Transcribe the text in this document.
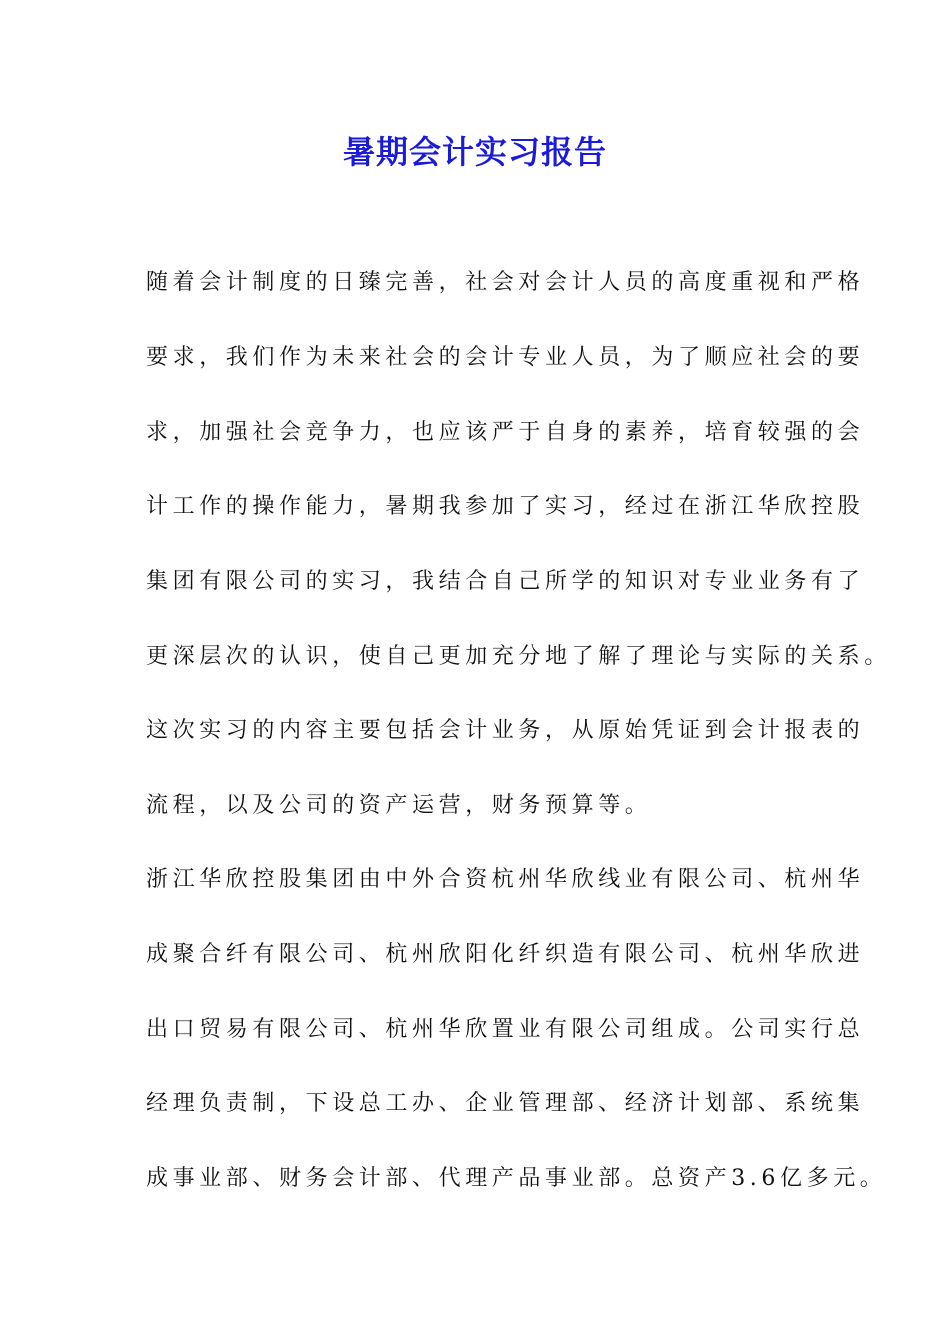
暑期会计实习报告
随着会计制度的日臻完善，社会对会计人员的高度重视和严格
要求，我们作为未来社会的会计专业人员，为了顺应社会的要
求，加强社会竞争力，也应该严于自身的素养，培育较强的会
计工作的操作能力，暑期我参加了实习，经过在浙江华欣控股
集团有限公司的实习，我结合自己所学的知识对专业业务有了
更深层次的认识，使自己更加充分地了解了理论与实际的关系。
这次实习的内容主要包括会计业务，从原始凭证到会计报表的
流程，以及公司的资产运营，财务预算等。
浙江华欣控股集团由中外合资杭州华欣线业有限公司、杭州华
成聚合纤有限公司、杭州欣阳化纤织造有限公司、杭州华欣进
出口贸易有限公司、杭州华欣置业有限公司组成。公司实行总
经理负责制，下设总工办、企业管理部、经济计划部、系统集
成事业部、财务会计部、代理产品事业部。总资产3.6亿多元。
